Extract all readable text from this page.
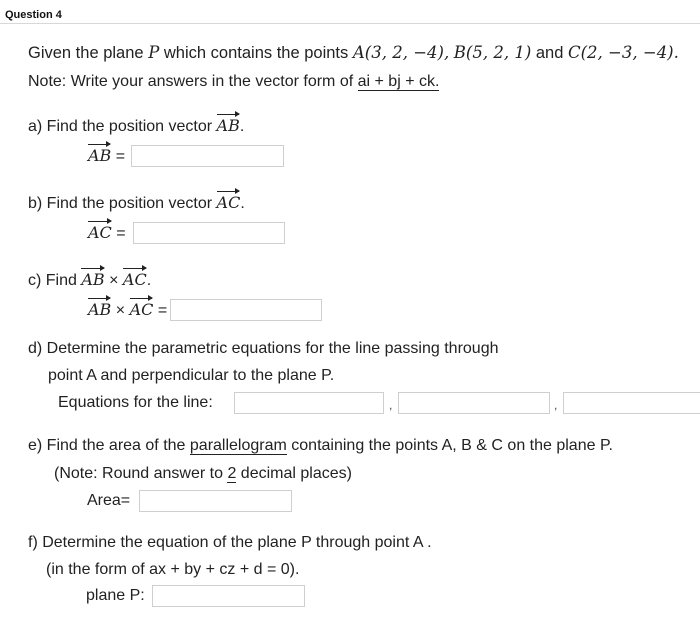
Question 4
Given the plane P which contains the points A(3, 2, −4), B(5, 2, 1) and C(2, −3, −4).
Note: Write your answers in the vector form of ai + bj + ck.
a) Find the position vector AB.
AB =
b) Find the position vector AC.
AC =
c) Find AB × AC.
AB × AC =
d) Determine the parametric equations for the line passing through
point A and perpendicular to the plane P.
Equations for the line:	,	,
e) Find the area of the parallelogram containing the points A, B & C on the plane P.
(Note: Round answer to 2 decimal places)
Area=
f) Determine the equation of the plane P through point A .
(in the form of ax + by + cz + d = 0).
plane P:
